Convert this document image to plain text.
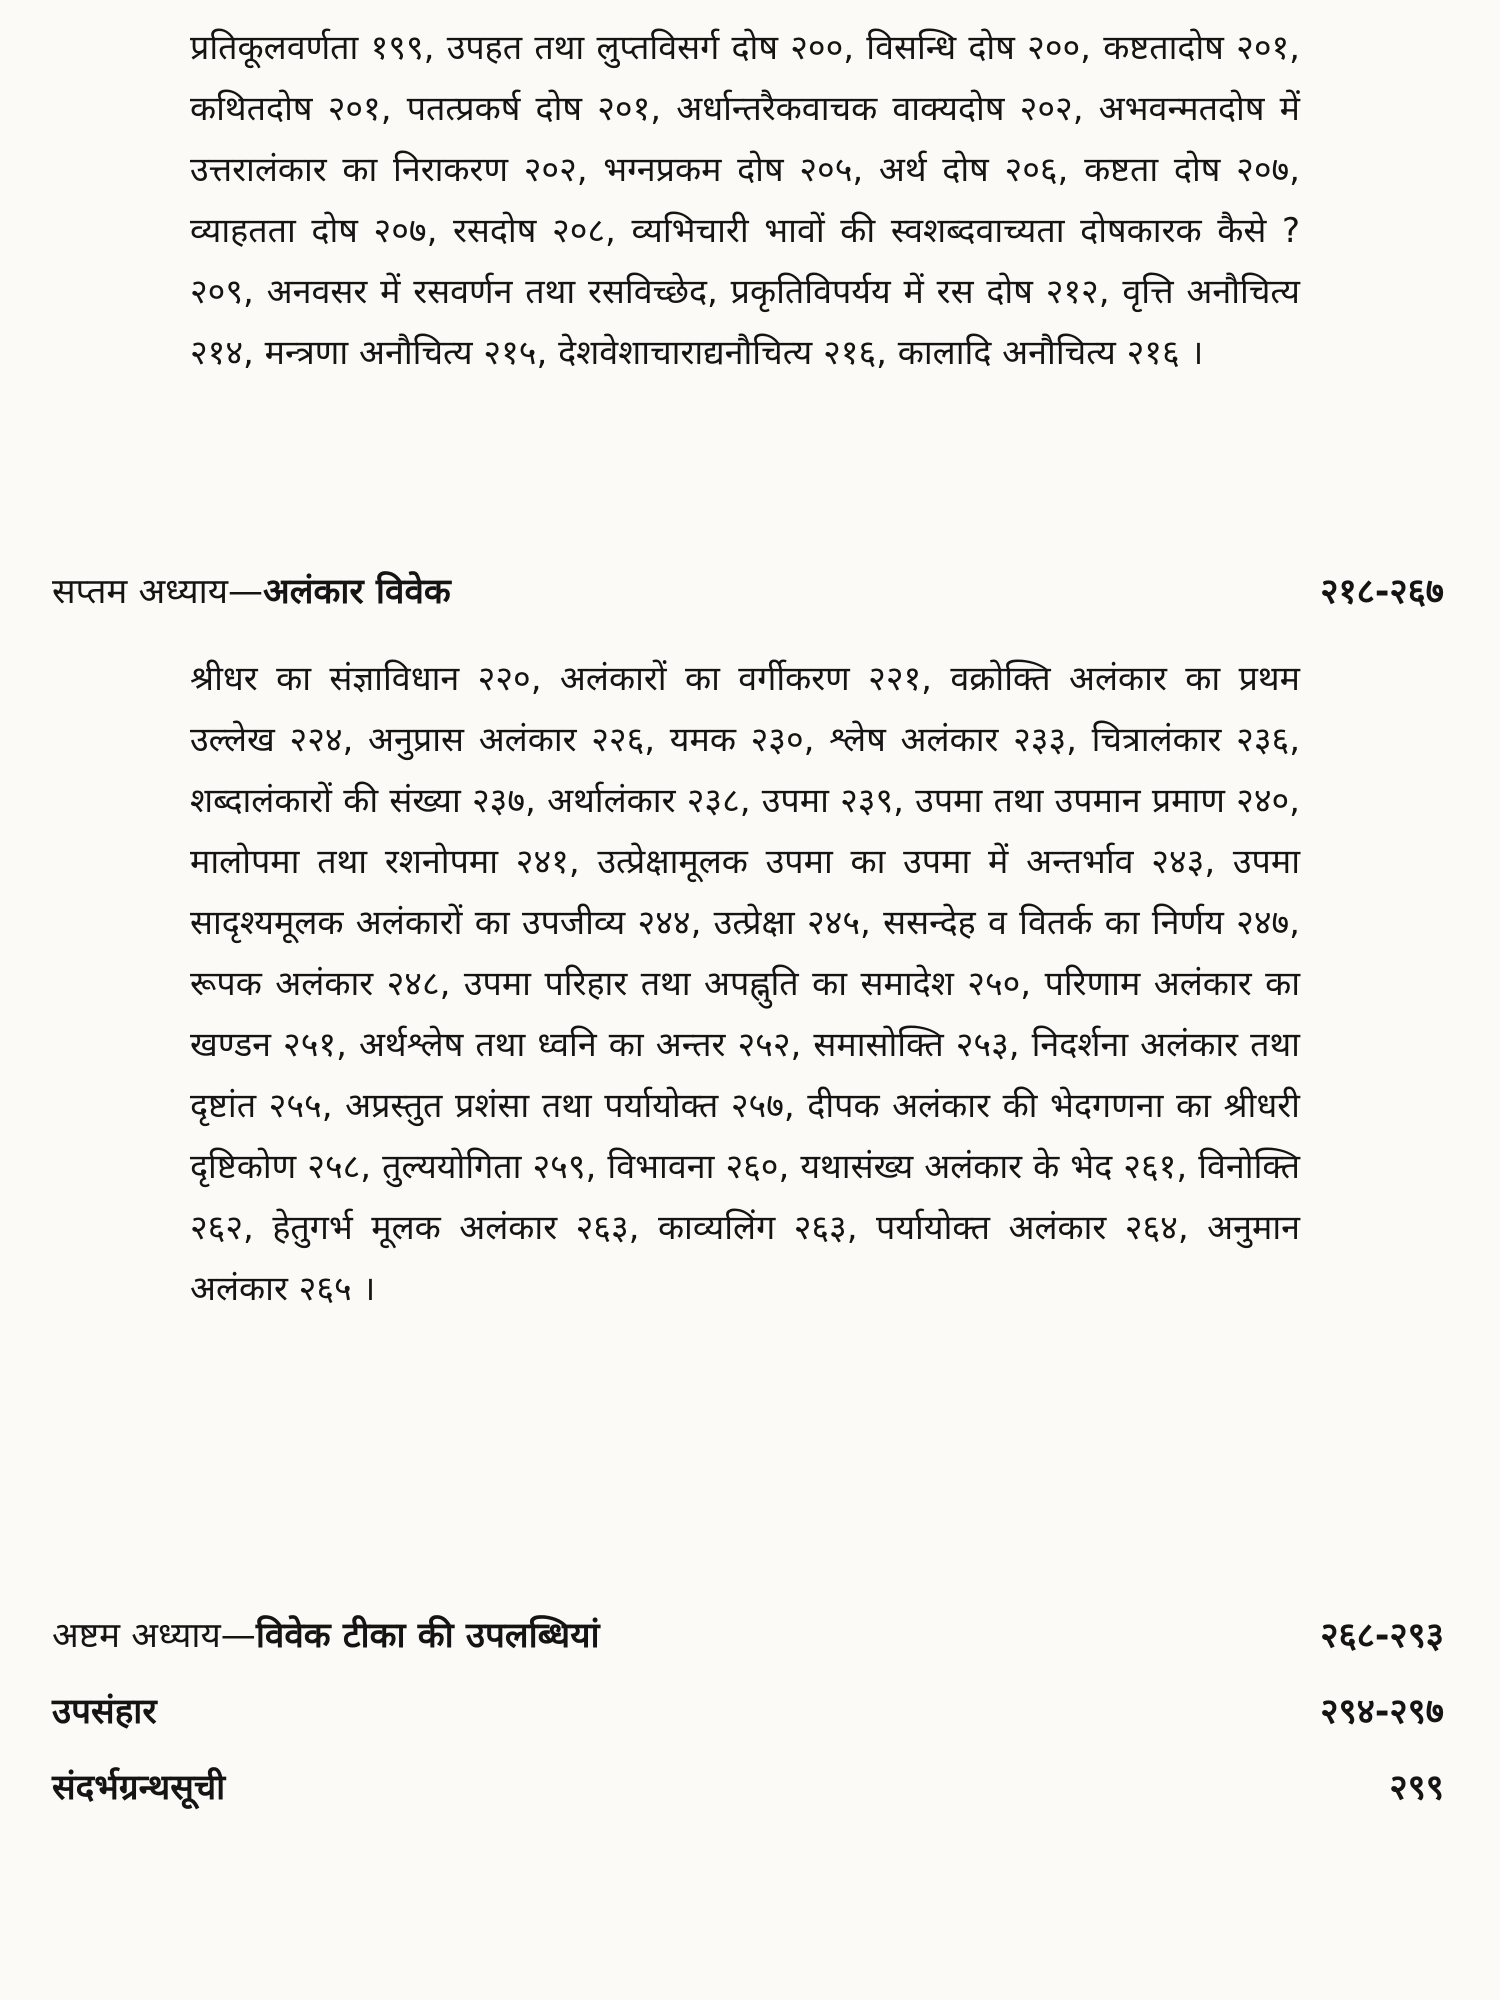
प्रतिकूलवर्णता १९९, उपहत तथा लुप्तविसर्ग दोष २००, विसन्धि दोष २००, कष्टतादोष २०१, कथितदोष २०१, पतत्प्रकर्ष दोष २०१, अर्धान्तरैकवाचक वाक्यदोष २०२, अभवन्मतदोष में उत्तरालंकार का निराकरण २०२, भग्नप्रकम दोष २०५, अर्थ दोष २०६, कष्टता दोष २०७, व्याहतता दोष २०७, रसदोष २०८, व्यभिचारी भावों की स्वशब्दवाच्यता दोषकारक कैसे ? २०९, अनवसर में रसवर्णन तथा रसविच्छेद, प्रकृतिविपर्यय में रस दोष २१२, वृत्ति अनौचित्य २१४, मन्त्रणा अनौचित्य २१५, देशवेशाचाराद्यनौचित्य २१६, कालादि अनौचित्य २१६ ।

सप्तम अध्याय—अलंकार विवेक	२१८-२६७

श्रीधर का संज्ञाविधान २२०, अलंकारों का वर्गीकरण २२१, वक्रोक्ति अलंकार का प्रथम उल्लेख २२४, अनुप्रास अलंकार २२६, यमक २३०, श्लेष अलंकार २३३, चित्रालंकार २३६, शब्दालंकारों की संख्या २३७, अर्थालंकार २३८, उपमा २३९, उपमा तथा उपमान प्रमाण २४०, मालोपमा तथा रशनोपमा २४१, उत्प्रेक्षामूलक उपमा का उपमा में अन्तर्भाव २४३, उपमा सादृश्यमूलक अलंकारों का उपजीव्य २४४, उत्प्रेक्षा २४५, ससन्देह व वितर्क का निर्णय २४७, रूपक अलंकार २४८, उपमा परिहार तथा अपह्नुति का समादेश २५०, परिणाम अलंकार का खण्डन २५१, अर्थश्लेष तथा ध्वनि का अन्तर २५२, समासोक्ति २५३, निदर्शना अलंकार तथा दृष्टांत २५५, अप्रस्तुत प्रशंसा तथा पर्यायोक्त २५७, दीपक अलंकार की भेदगणना का श्रीधरी दृष्टिकोण २५८, तुल्ययोगिता २५९, विभावना २६०, यथासंख्य अलंकार के भेद २६१, विनोक्ति २६२, हेतुगर्भ मूलक अलंकार २६३, काव्यलिंग २६३, पर्यायोक्त अलंकार २६४, अनुमान अलंकार २६५ ।

अष्टम अध्याय—विवेक टीका की उपलब्धियां	२६८-२९३
उपसंहार	२९४-२९७
संदर्भग्रन्थसूची	२९९
